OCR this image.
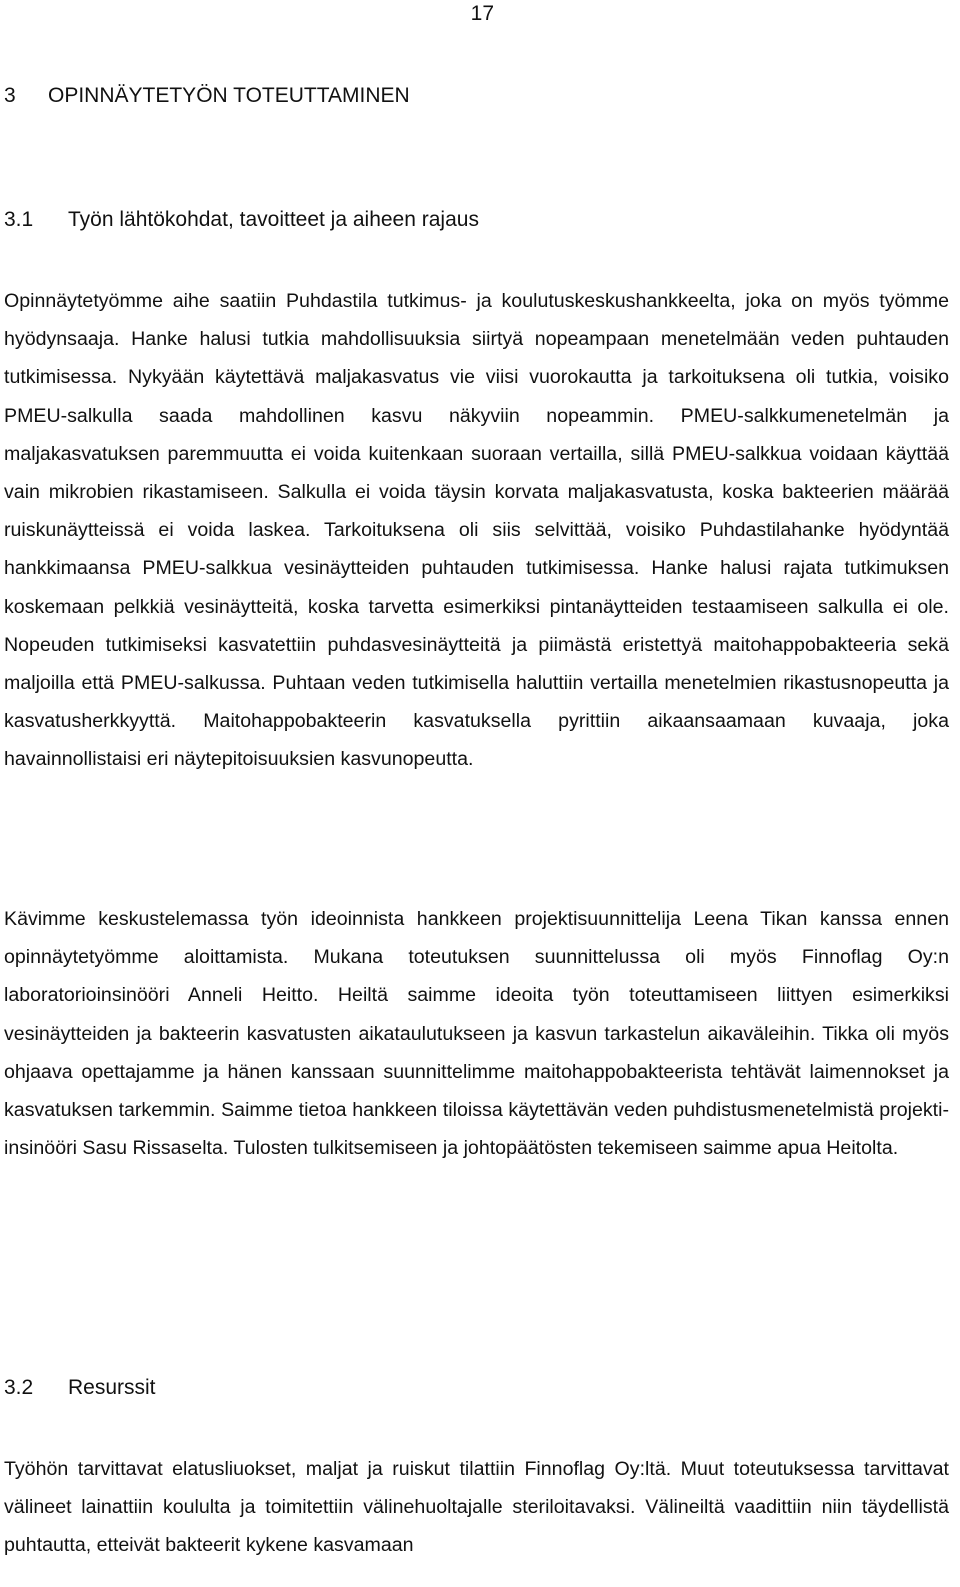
17
3	OPINNÄYTETYÖN TOTEUTTAMINEN
3.1	Työn lähtökohdat, tavoitteet ja aiheen rajaus

Opinnäytetyömme aihe saatiin Puhdastila tutkimus- ja koulutuskeskushankkeelta, joka on myös työmme hyödynsaaja. Hanke halusi tutkia mahdollisuuksia siirtyä nopeampaan menetelmään veden puhtauden tutkimisessa. Nykyään käytettävä maljakasvatus vie viisi vuorokautta ja tarkoituksena oli tutkia, voisiko PMEU-salkulla saada mahdollinen kasvu näkyviin nopeammin. PMEU-salkkumenetelmän ja maljakasvatuksen paremmuutta ei voida kuitenkaan suoraan vertailla, sillä PMEU-salkkua voidaan käyttää vain mikrobien rikastamiseen. Salkulla ei voida täysin korvata maljakasvatusta, koska bakteerien määrää ruiskunäytteissä ei voida laskea. Tarkoituksena oli siis selvittää, voisiko Puhdastilahanke hyödyntää hankkimaansa PMEU-salkkua vesinäytteiden puhtauden tutkimisessa. Hanke halusi rajata tutkimuksen koskemaan pelkkiä vesinäytteitä, koska tarvetta esimerkiksi pintanäytteiden testaamiseen salkulla ei ole. Nopeuden tutkimiseksi kasvatettiin puhdasvesinäytteitä ja piimästä eristettyä maitohappobakteeria sekä maljoilla että PMEU-salkussa. Puhtaan veden tutkimisella haluttiin vertailla menetelmien rikastusnopeutta ja kasvatusherkkyyttä. Maitohappobakteerin kasvatuksella pyrittiin aikaansaamaan kuvaaja, joka havainnollistaisi eri näytepitoisuuksien kasvunopeutta.

Kävimme keskustelemassa työn ideoinnista hankkeen projektisuunnittelija Leena Tikan kanssa ennen opinnäytetyömme aloittamista. Mukana toteutuksen suunnittelussa oli myös Finnoflag Oy:n laboratorioinsinööri Anneli Heitto. Heiltä saimme ideoita työn toteuttamiseen liittyen esimerkiksi vesinäytteiden ja bakteerin kasvatusten aikataulutukseen ja kasvun tarkastelun aikaväleihin. Tikka oli myös ohjaava opettajamme ja hänen kanssaan suunnittelimme maitohappobakteerista tehtävät laimennokset ja kasvatuksen tarkemmin. Saimme tietoa hankkeen tiloissa käytettävän veden puhdistusmenetelmistä projekti-insinööri Sasu Rissaselta. Tulosten tulkitsemiseen ja johtopäätösten tekemiseen saimme apua Heitolta.

3.2	Resurssit

Työhön tarvittavat elatusliuokset, maljat ja ruiskut tilattiin Finnoflag Oy:ltä. Muut toteutuksessa tarvittavat välineet lainattiin koululta ja toimitettiin välinehuoltajalle steriloitavaksi. Välineiltä vaadittiin niin täydellistä puhtautta, etteivät bakteerit kykene kasvamaan
